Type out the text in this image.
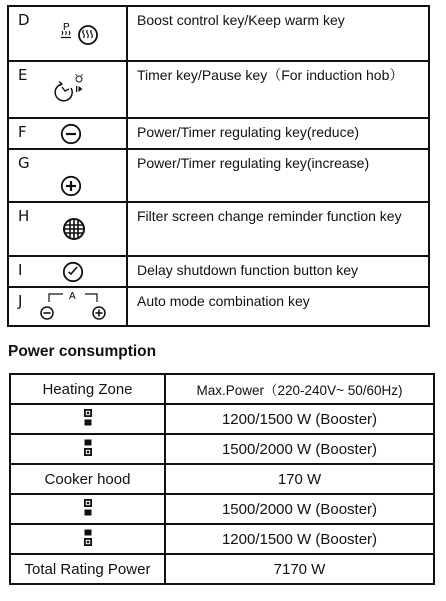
D P	Boost control key/Keep warm key

E	Timer key/Pause key（For induction hob）

F	Power/Timer regulating key(reduce)

G	Power/Timer regulating key(increase)

H	Filter screen change reminder function key

I	Delay shutdown function button key

J A	Auto mode combination key
Power consumption
Heating Zone	Max.Power（220-240V~ 50/60Hz)
	1200/1500 W (Booster)
	1500/2000 W (Booster)
Cooker hood	170 W
	1500/2000 W (Booster)
	1200/1500 W (Booster)
Total Rating Power	7170 W
